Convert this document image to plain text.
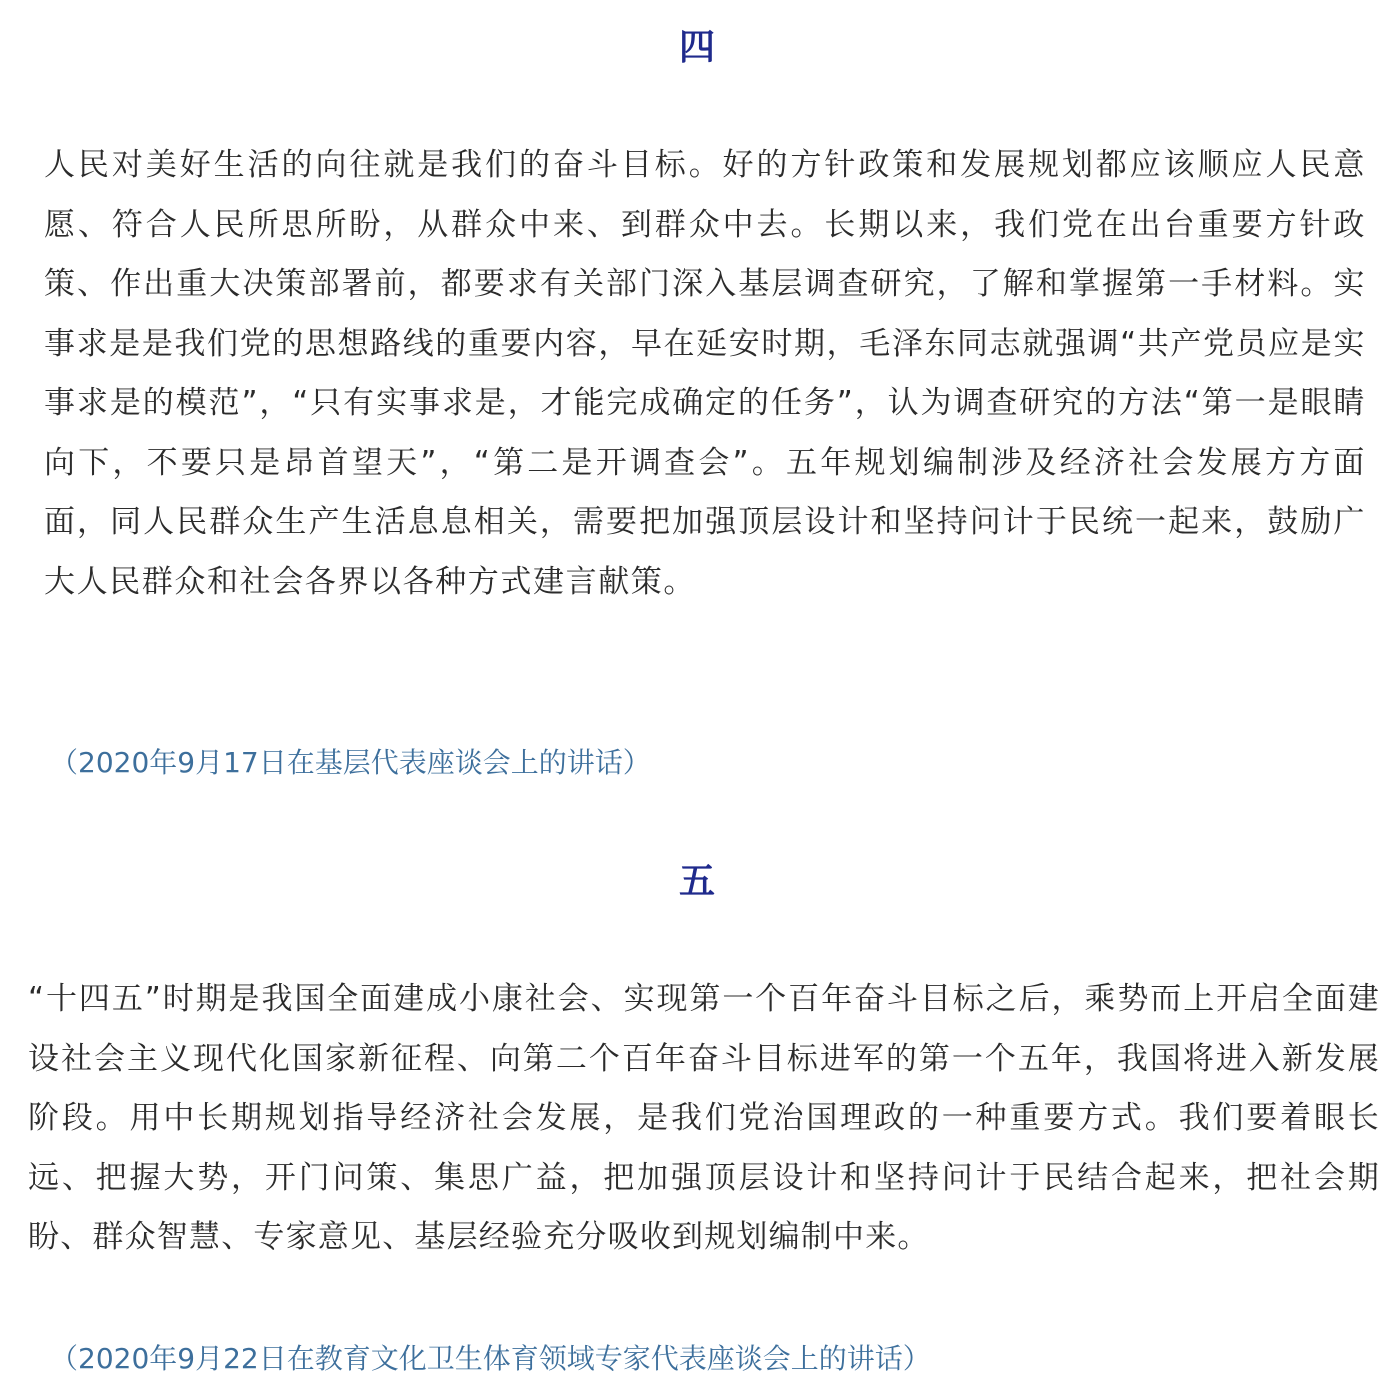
四

人民对美好生活的向往就是我们的奋斗目标。好的方针政策和发展规划都应该顺应人民意愿、符合人民所思所盼，从群众中来、到群众中去。长期以来，我们党在出台重要方针政策、作出重大决策部署前，都要求有关部门深入基层调查研究，了解和掌握第一手材料。实事求是是我们党的思想路线的重要内容，早在延安时期，毛泽东同志就强调“共产党员应是实事求是的模范”，“只有实事求是，才能完成确定的任务”，认为调查研究的方法“第一是眼睛向下，不要只是昂首望天”，“第二是开调查会”。五年规划编制涉及经济社会发展方方面面，同人民群众生产生活息息相关，需要把加强顶层设计和坚持问计于民统一起来，鼓励广大人民群众和社会各界以各种方式建言献策。

（2020年9月17日在基层代表座谈会上的讲话）
五

“十四五”时期是我国全面建成小康社会、实现第一个百年奋斗目标之后，乘势而上开启全面建设社会主义现代化国家新征程、向第二个百年奋斗目标进军的第一个五年，我国将进入新发展阶段。用中长期规划指导经济社会发展，是我们党治国理政的一种重要方式。我们要着眼长远、把握大势，开门问策、集思广益，把加强顶层设计和坚持问计于民结合起来，把社会期盼、群众智慧、专家意见、基层经验充分吸收到规划编制中来。

（2020年9月22日在教育文化卫生体育领域专家代表座谈会上的讲话）
